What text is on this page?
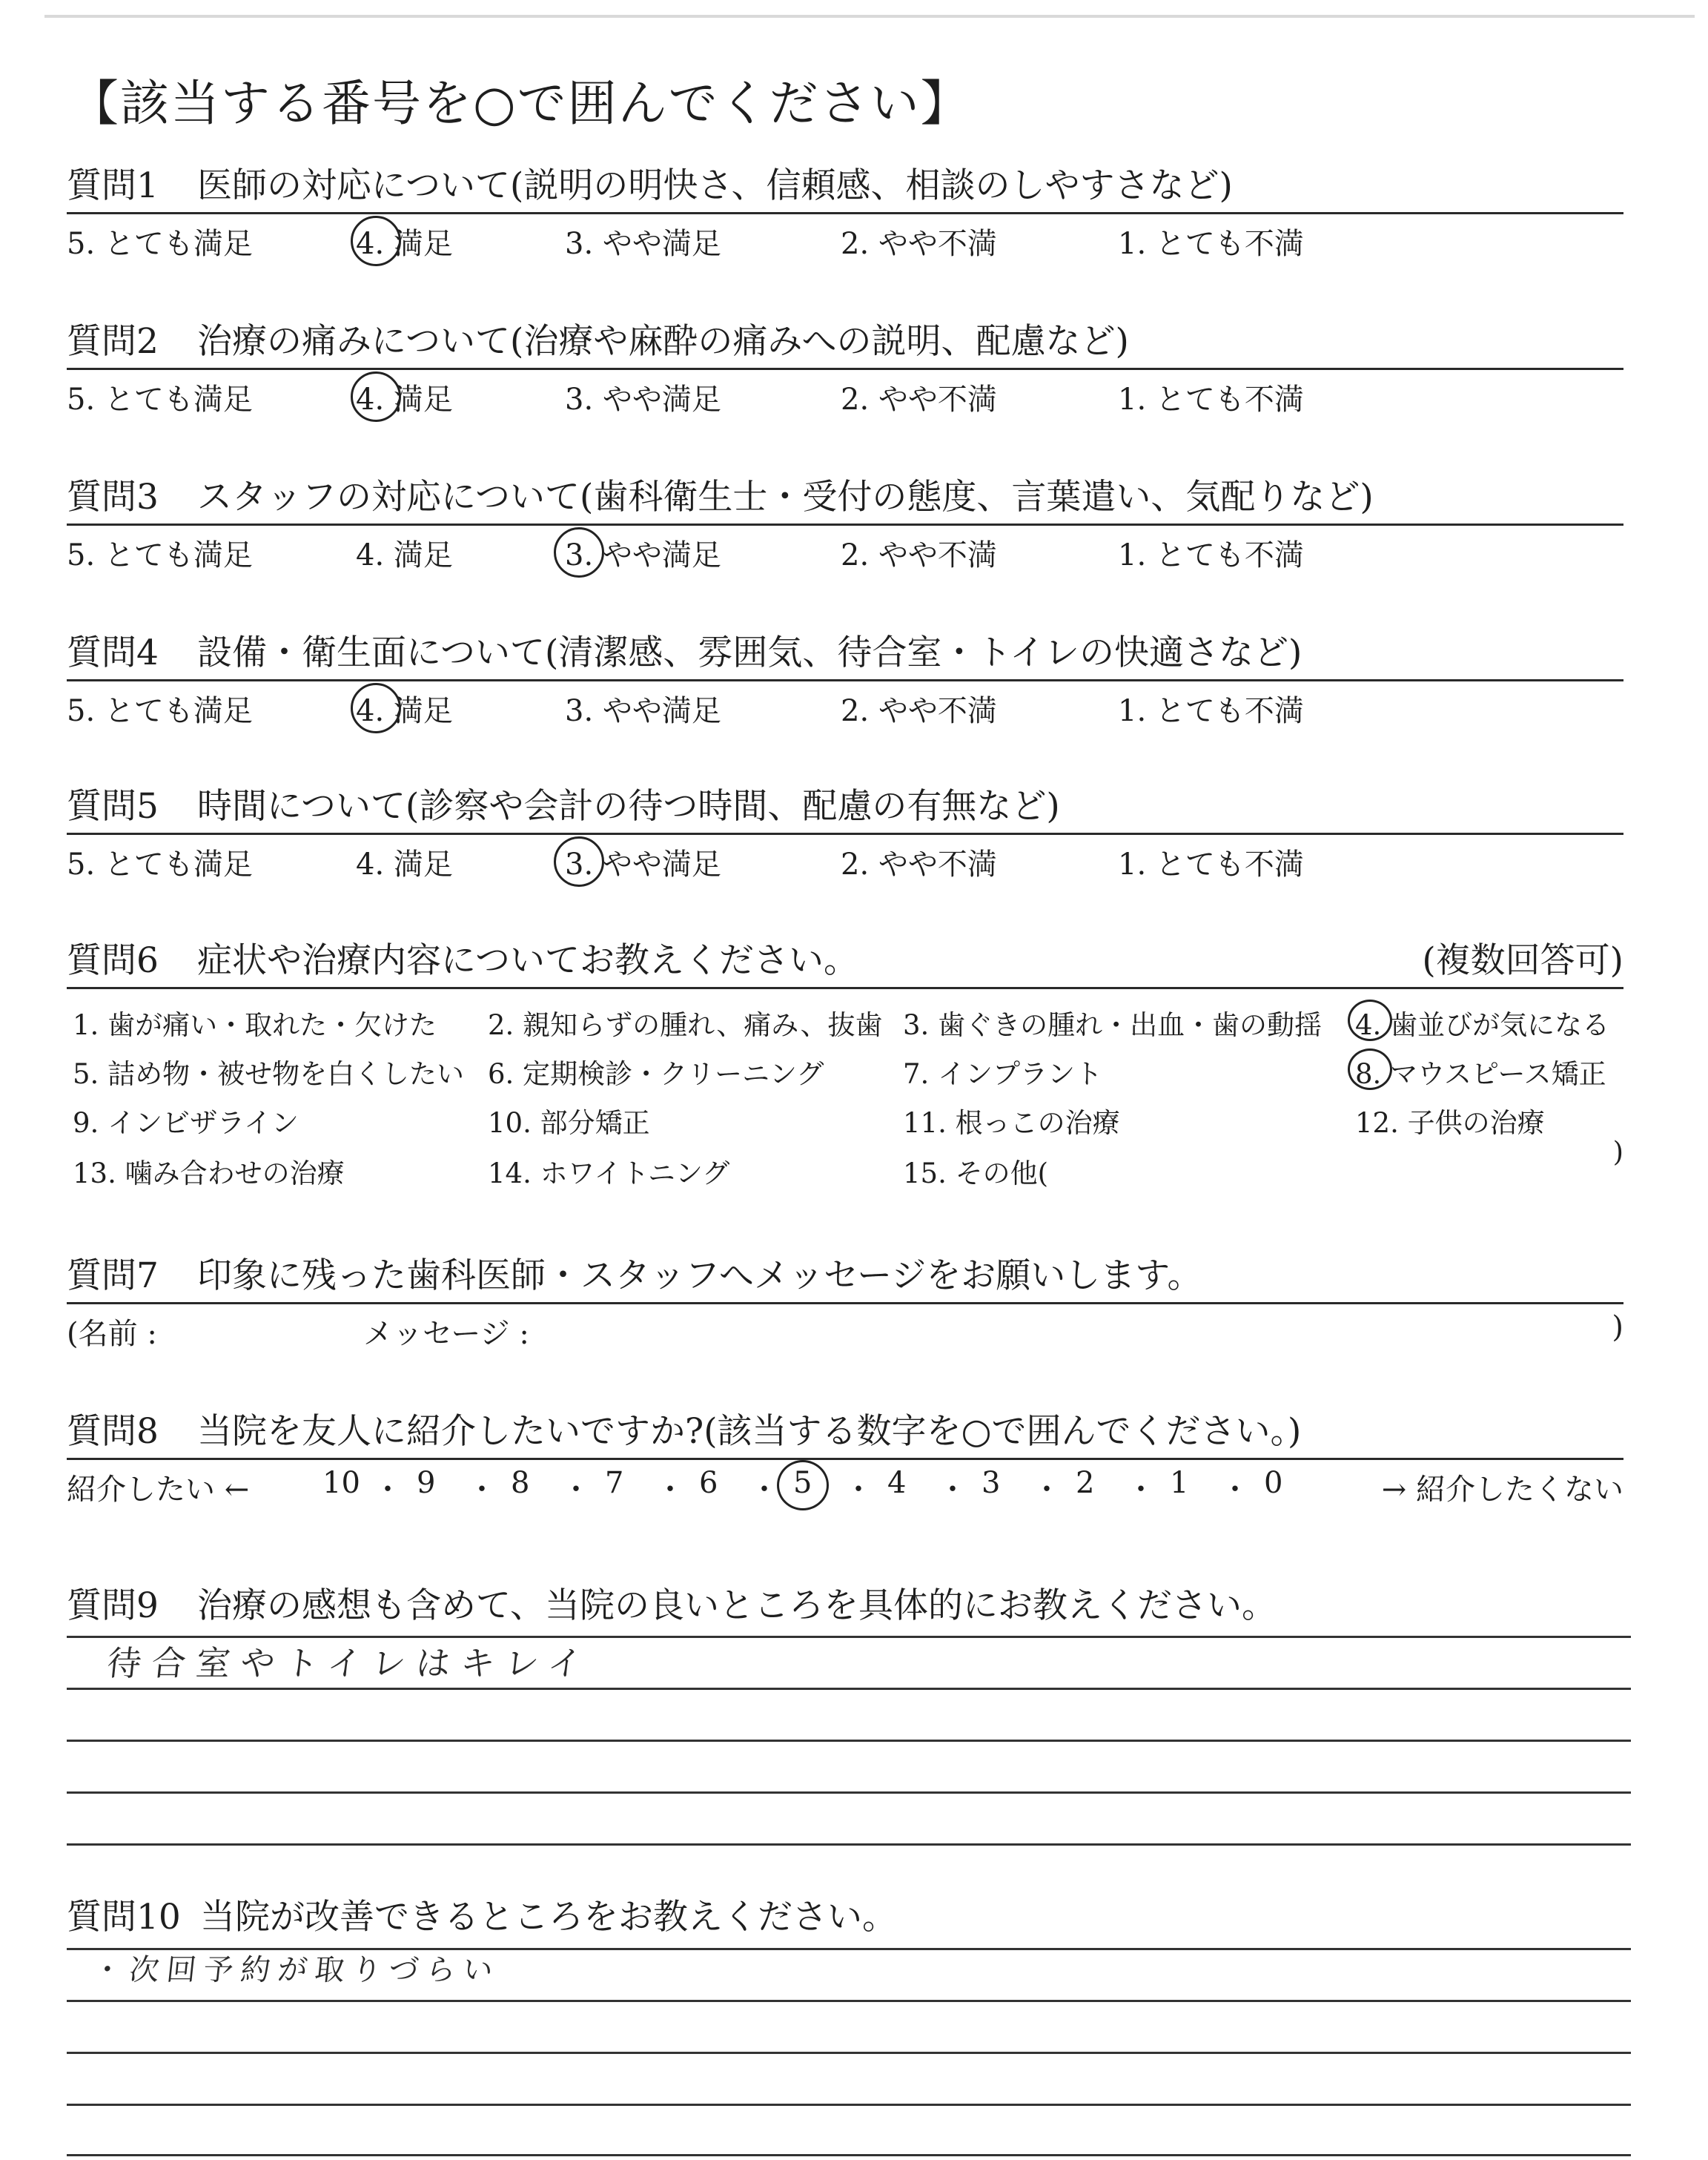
【該当する番号を○で囲んでください】
質問1 医師の対応について(説明の明快さ、信頼感、相談のしやすさなど)
5. とても満足	4. 満足	3. やや満足	2. やや不満	1. とても不満
質問2 治療の痛みについて(治療や麻酔の痛みへの説明、配慮など)
5. とても満足	4. 満足	3. やや満足	2. やや不満	1. とても不満
質問3 スタッフの対応について(歯科衛生士・受付の態度、言葉遣い、気配りなど)
5. とても満足	4. 満足	3. やや満足	2. やや不満	1. とても不満
質問4 設備・衛生面について(清潔感、雰囲気、待合室・トイレの快適さなど)
5. とても満足	4. 満足	3. やや満足	2. やや不満	1. とても不満
質問5 時間について(診察や会計の待つ時間、配慮の有無など)
5. とても満足	4. 満足	3. やや満足	2. やや不満	1. とても不満
質問6 症状や治療内容についてお教えください。	(複数回答可)
)
1. 歯が痛い・取れた・欠けた 2. 親知らずの腫れ、痛み、抜歯 3. 歯ぐきの腫れ・出血・歯の動揺 4. 歯並びが気になる
5. 詰め物・被せ物を白くしたい 6. 定期検診・クリーニング	7. インプラント	8. マウスピース矯正
9. インビザライン	10. 部分矯正	11. 根っこの治療	12. 子供の治療
13. 噛み合わせの治療	14. ホワイトニング	15. その他(
質問7 印象に残った歯科医師・スタッフへメッセージをお願いします。
(名前 :	メッセージ :	)
質問8 当院を友人に紹介したいですか?(該当する数字を○で囲んでください。)
紹介したい ←	→ 紹介したくない
10 ・ 9 ・ 8 ・ 7 ・ 6 ・ 5 ・ 4 ・ 3 ・ 2 ・ 1 ・ 0
質問9 治療の感想も含めて、当院の良いところを具体的にお教えください。
待合室やトイレはキレイ
質問10 当院が改善できるところをお教えください。
・次回予約が取りづらい
